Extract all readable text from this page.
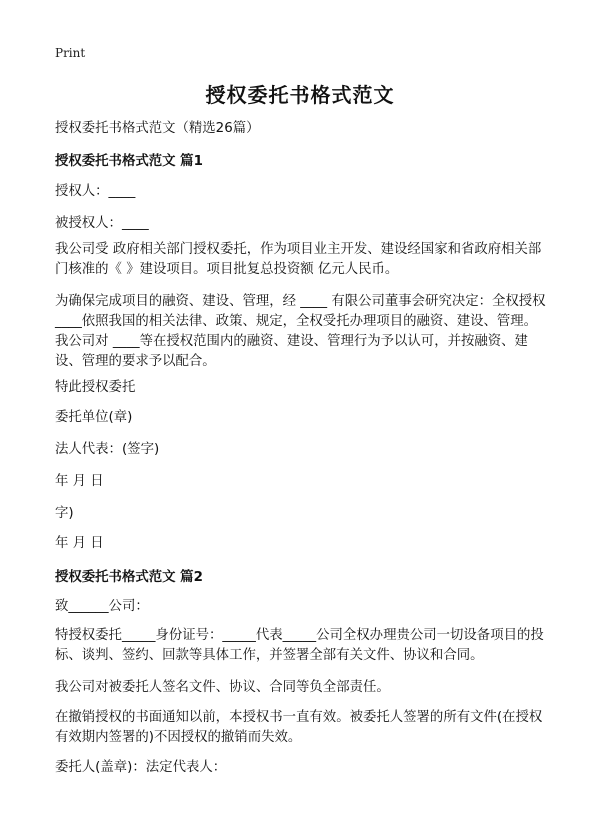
Print
授权委托书格式范文

授权委托书格式范文（精选26篇）

授权委托书格式范文 篇1

授权人：____

被授权人：____

我公司受 政府相关部门授权委托，作为项目业主开发、建设经国家和省政府相关部门核准的《 》建设项目。项目批复总投资额 亿元人民币。

为确保完成项目的融资、建设、管理，经 ____ 有限公司董事会研究决定：全权授权 ____依照我国的相关法律、政策、规定，全权受托办理项目的融资、建设、管理。我公司对 ____等在授权范围内的融资、建设、管理行为予以认可，并按融资、建设、管理的要求予以配合。

特此授权委托

委托单位(章)

法人代表：(签字)

年 月 日

字)

年 月 日

授权委托书格式范文 篇2

致______公司：

特授权委托_____身份证号：_____代表_____公司全权办理贵公司一切设备项目的投标、谈判、签约、回款等具体工作，并签署全部有关文件、协议和合同。

我公司对被委托人签名文件、协议、合同等负全部责任。

在撤销授权的书面通知以前，本授权书一直有效。被委托人签署的所有文件(在授权有效期内签署的)不因授权的撤销而失效。

委托人(盖章)：法定代表人：
